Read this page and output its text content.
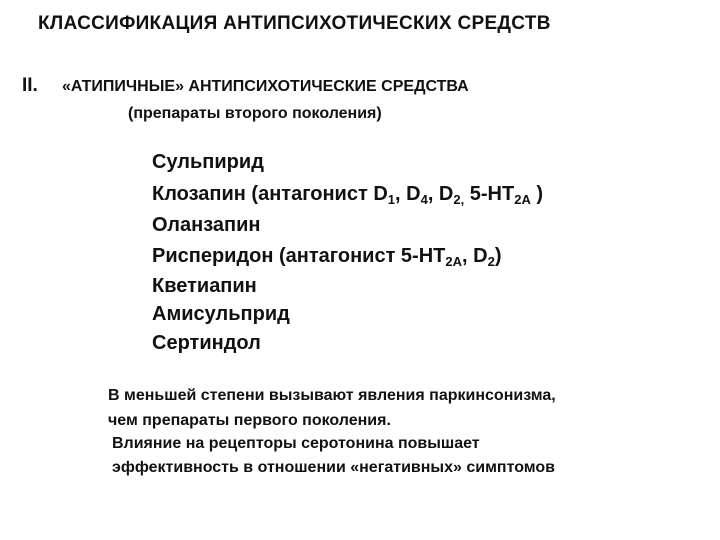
КЛАССИФИКАЦИЯ АНТИПСИХОТИЧЕСКИХ СРЕДСТВ
II. «АТИПИЧНЫЕ» АНТИПСИХОТИЧЕСКИЕ СРЕДСТВА
(препараты второго поколения)
Сульпирид
Клозапин (антагонист $D_1$, $D_4$, $D_{2,}$ $5-HT_{2A}$ )
Оланзапин
Рисперидон (антагонист $5-HT_{2A}$, $D_2$)
Кветиапин
Амисульприд
Сертиндол
В меньшей степени вызывают явления паркинсонизма,
чем препараты первого поколения.
Влияние на рецепторы серотонина повышает
эффективность в отношении «негативных» симптомов
